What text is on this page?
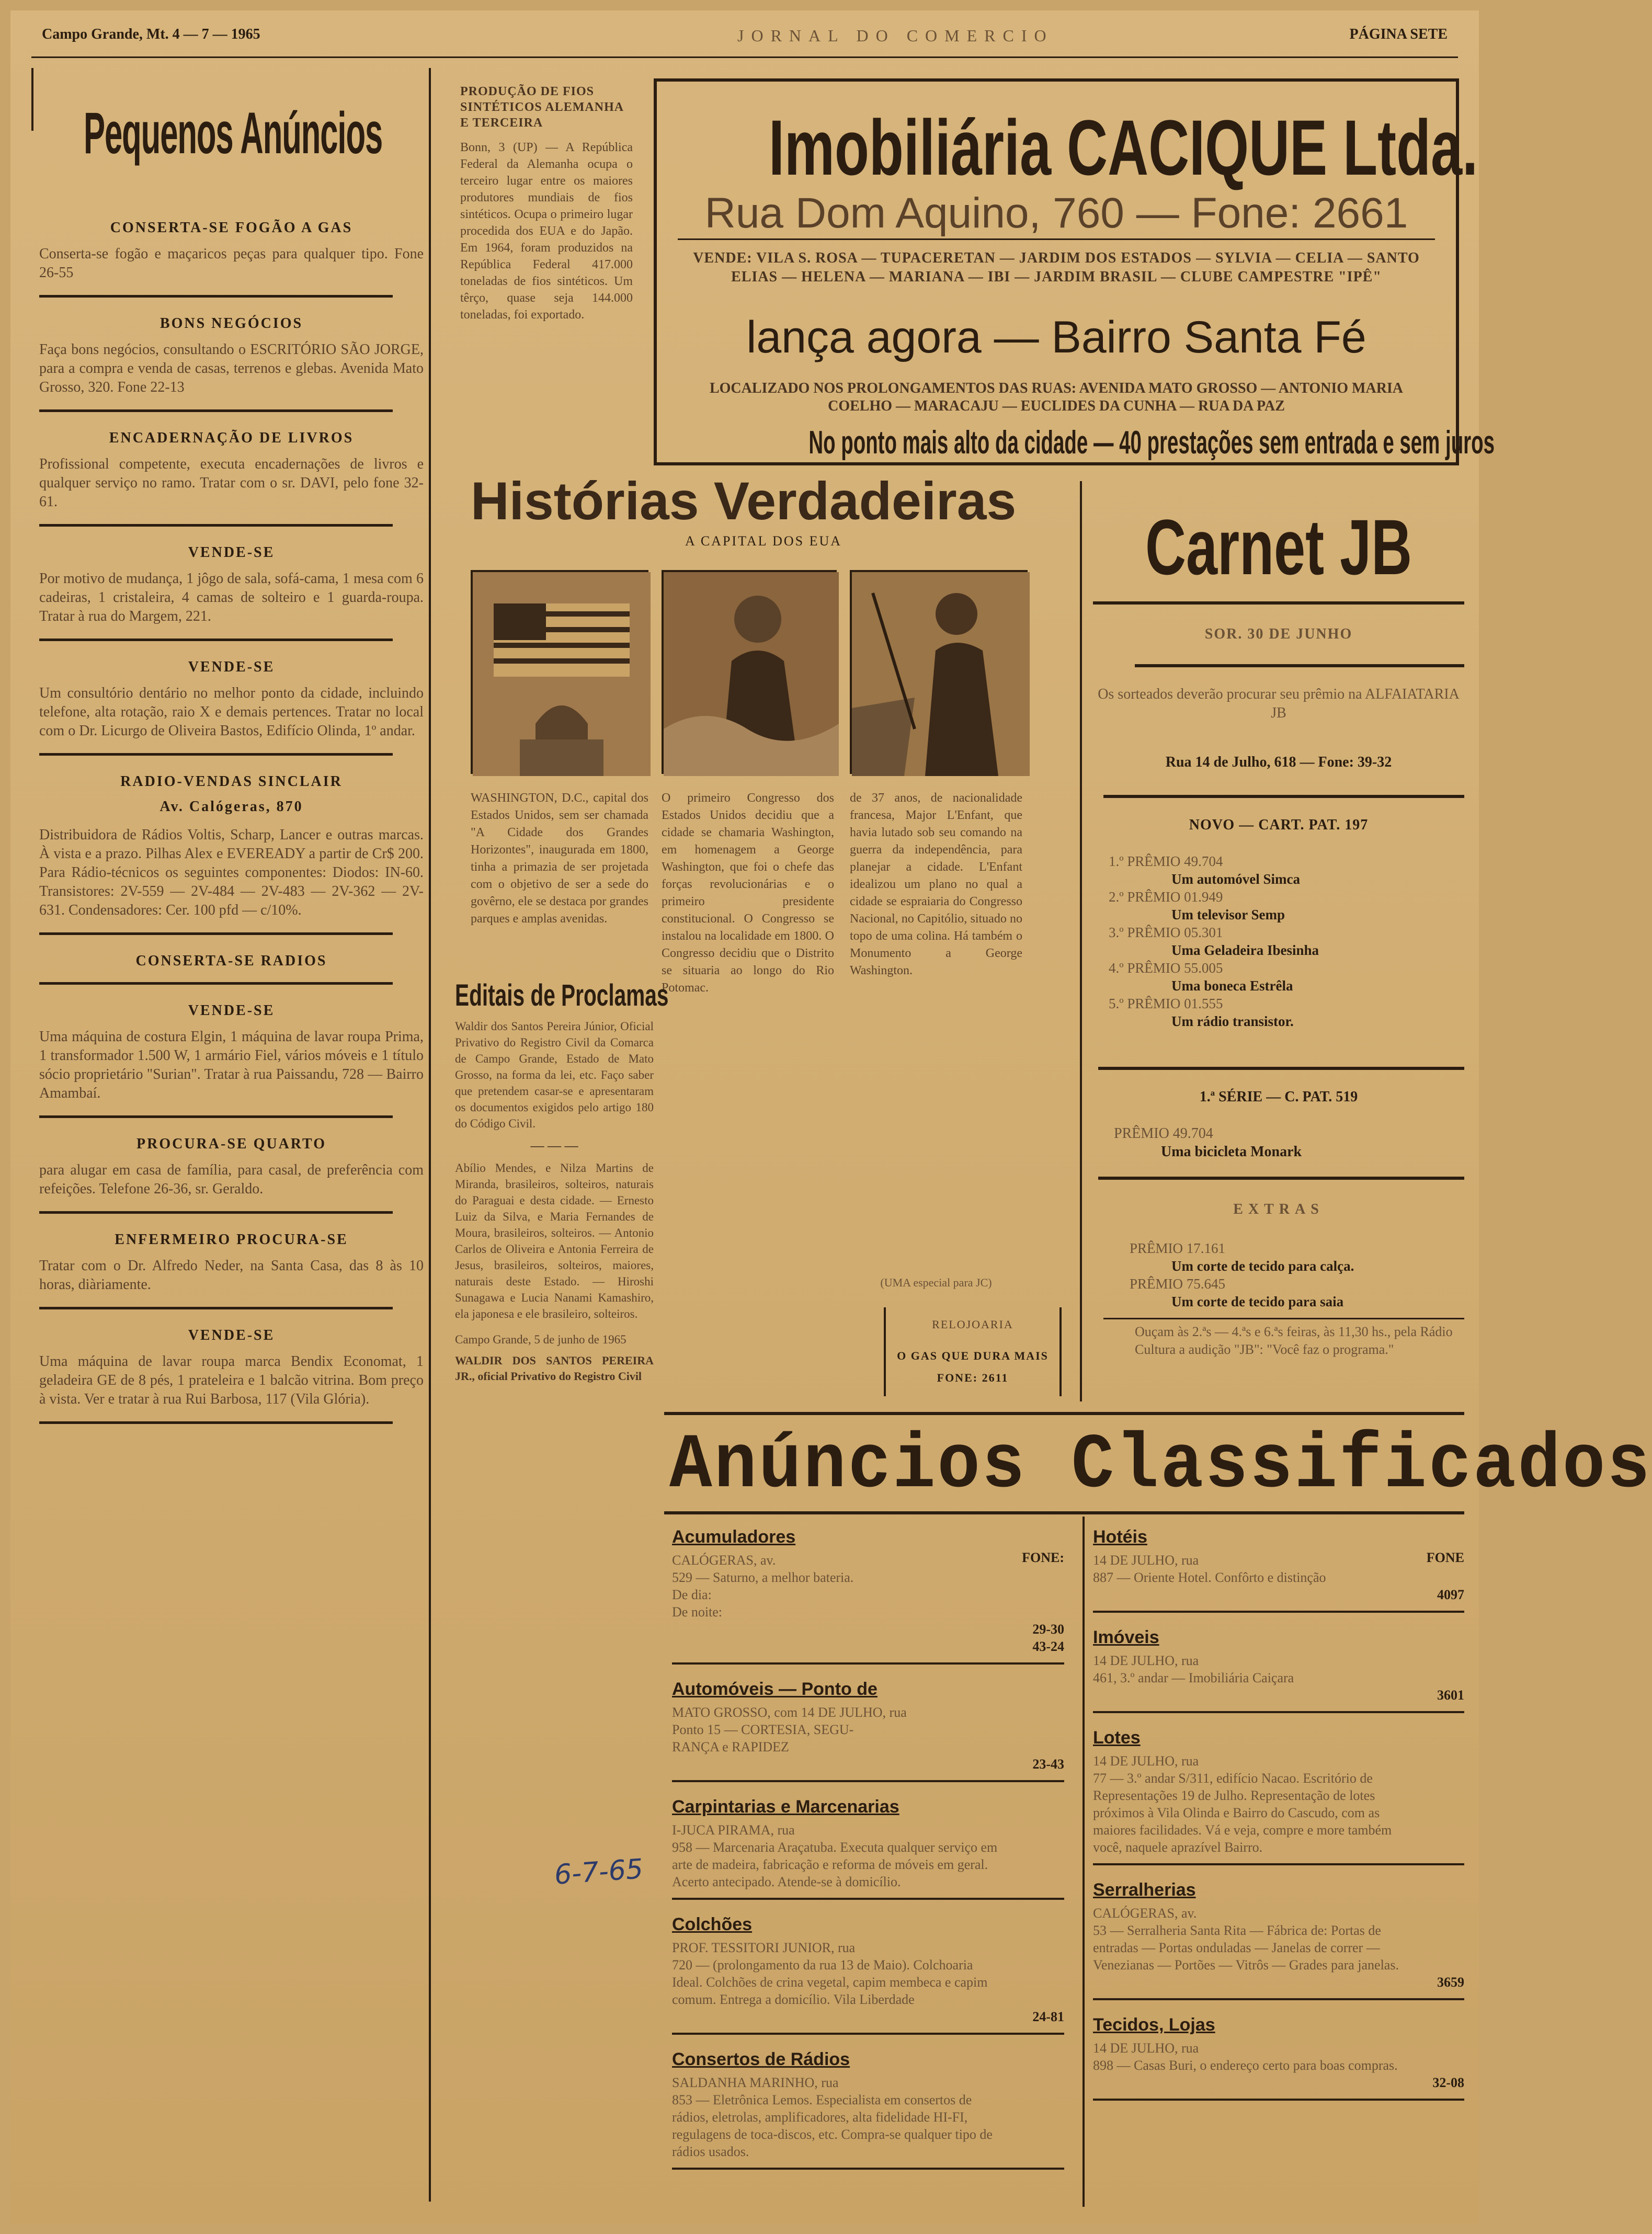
Campo Grande, Mt. 4 — 7 — 1965	JORNAL DO COMERCIO	PÁGINA SETE
Pequenos Anúncios
CONSERTA-SE FOGÃO A GAS
Conserta-se fogão e maçaricos peças para qualquer tipo. Fone 26-55
BONS NEGÓCIOS
Faça bons negócios, consultando o ESCRITÓRIO SÃO JORGE, para a compra e venda de casas, terrenos e glebas. Avenida Mato Grosso, 320. Fone 22-13
ENCADERNAÇÃO DE LIVROS
Profissional competente, executa encadernações de livros e qualquer serviço no ramo. Tratar com o sr. DAVI, pelo fone 32-61.
VENDE-SE
Por motivo de mudança, 1 jôgo de sala, sofá-cama, 1 mesa com 6 cadeiras, 1 cristaleira, 4 camas de solteiro e 1 guarda-roupa. Tratar à rua do Margem, 221.
VENDE-SE
Um consultório dentário no melhor ponto da cidade, incluindo telefone, alta rotação, raio X e demais pertences. Tratar no local com o Dr. Licurgo de Oliveira Bastos, Edifício Olinda, 1º andar.
RADIO-VENDAS SINCLAIR
Av. Calógeras, 870
Distribuidora de Rádios Voltis, Scharp, Lancer e outras marcas. À vista e a prazo. Pilhas Alex e EVEREADY a partir de Cr$ 200. Para Rádio-técnicos os seguintes componentes: Diodos: IN-60. Transistores: 2V-559 — 2V-484 — 2V-483 — 2V-362 — 2V-631. Condensadores: Cer. 100 pfd — c/10%.
CONSERTA-SE RADIOS
VENDE-SE
Uma máquina de costura Elgin, 1 máquina de lavar roupa Prima, 1 transformador 1.500 W, 1 armário Fiel, vários móveis e 1 título sócio proprietário "Surian". Tratar à rua Paissandu, 728 — Bairro Amambaí.
PROCURA-SE QUARTO
para alugar em casa de família, para casal, de preferência com refeições. Telefone 26-36, sr. Geraldo.
ENFERMEIRO PROCURA-SE
Tratar com o Dr. Alfredo Neder, na Santa Casa, das 8 às 10 horas, diàriamente.
VENDE-SE
Uma máquina de lavar roupa marca Bendix Economat, 1 geladeira GE de 8 pés, 1 prateleira e 1 balcão vitrina. Bom preço à vista. Ver e tratar à rua Rui Barbosa, 117 (Vila Glória).
PRODUÇÃO DE FIOS SINTÉTICOS ALEMANHA E TERCEIRA
Bonn, 3 (UP) — A República Federal da Alemanha ocupa o terceiro lugar entre os maiores produtores mundiais de fios sintéticos. Ocupa o primeiro lugar procedida dos EUA e do Japão. Em 1964, foram produzidos na República Federal 417.000 toneladas de fios sintéticos. Um têrço, quase seja 144.000 toneladas, foi exportado.
Imobiliária CACIQUE Ltda.
Rua Dom Aquino, 760 — Fone: 2661
VENDE: VILA S. ROSA — TUPACERETAN — JARDIM DOS ESTADOS — SYLVIA — CELIA — SANTO ELIAS — HELENA — MARIANA — IBI — JARDIM BRASIL — CLUBE CAMPESTRE "IPÊ"
lança agora — Bairro Santa Fé
LOCALIZADO NOS PROLONGAMENTOS DAS RUAS: AVENIDA MATO GROSSO — ANTONIO MARIA COELHO — MARACAJU — EUCLIDES DA CUNHA — RUA DA PAZ
No ponto mais alto da cidade — 40 prestações sem entrada e sem juros
Histórias Verdadeiras
A CAPITAL DOS EUA
WASHINGTON, D.C., capital dos Estados Unidos, sem ser chamada "A Cidade dos Grandes Horizontes", inaugurada em 1800, tinha a primazia de ser projetada com o objetivo de ser a sede do govêrno, ele se destaca por grandes parques e amplas avenidas.
O primeiro Congresso dos Estados Unidos decidiu que a cidade se chamaria Washington, em homenagem a George Washington, que foi o chefe das forças revolucionárias e o primeiro presidente constitucional. O Congresso se instalou na localidade em 1800. O Congresso decidiu que o Distrito se situaria ao longo do Rio Potomac.
de 37 anos, de nacionalidade francesa, Major L'Enfant, que havia lutado sob seu comando na guerra da independência, para planejar a cidade. L'Enfant idealizou um plano no qual a cidade se espraiaria do Congresso Nacional, no Capitólio, situado no topo de uma colina. Há também o Monumento a George Washington.
(UMA especial para JC)
RELOJOARIA
O GAS QUE DURA MAIS
FONE: 2611
Editais de Proclamas
Waldir dos Santos Pereira Júnior, Oficial Privativo do Registro Civil da Comarca de Campo Grande, Estado de Mato Grosso, na forma da lei, etc. Faço saber que pretendem casar-se e apresentaram os documentos exigidos pelo artigo 180 do Código Civil.
— — —
Abílio Mendes, e Nilza Martins de Miranda, brasileiros, solteiros, naturais do Paraguai e desta cidade. — Ernesto Luiz da Silva, e Maria Fernandes de Moura, brasileiros, solteiros. — Antonio Carlos de Oliveira e Antonia Ferreira de Jesus, brasileiros, solteiros, maiores, naturais deste Estado. — Hiroshi Sunagawa e Lucia Nanami Kamashiro, ela japonesa e ele brasileiro, solteiros.
Campo Grande, 5 de junho de 1965
WALDIR DOS SANTOS PEREIRA JR., oficial Privativo do Registro Civil
6-7-65
Carnet JB
SOR. 30 DE JUNHO
Os sorteados deverão procurar seu prêmio na ALFAIATARIA JB
Rua 14 de Julho, 618 — Fone: 39-32
NOVO — CART. PAT. 197
1.º PRÊMIO 49.704
Um automóvel Simca
2.º PRÊMIO 01.949
Um televisor Semp
3.º PRÊMIO 05.301
Uma Geladeira Ibesinha
4.º PRÊMIO 55.005
Uma boneca Estrêla
5.º PRÊMIO 01.555
Um rádio transistor.
1.ª SÉRIE — C. PAT. 519
PRÊMIO 49.704
Uma bicicleta Monark
EXTRAS
PRÊMIO 17.161
Um corte de tecido para calça.
PRÊMIO 75.645
Um corte de tecido para saia
Ouçam às 2.ªs — 4.ªs e 6.ªs feiras, às 11,30 hs., pela Rádio Cultura a audição "JB": "Você faz o programa."
Anúncios Classificados
Acumuladores
FONE:
CALÓGERAS, av.
529 — Saturno, a melhor bateria.
De dia:
De noite:
29-30
43-24
Automóveis — Ponto de
MATO GROSSO, com 14 DE JULHO, rua
Ponto 15 — CORTESIA, SEGU-
RANÇA e RAPIDEZ
23-43
Carpintarias e Marcenarias
I-JUCA PIRAMA, rua
958 — Marcenaria Araçatuba. Executa qualquer serviço em arte de madeira, fabricação e reforma de móveis em geral. Acerto antecipado. Atende-se à domicílio.
Colchões
PROF. TESSITORI JUNIOR, rua
720 — (prolongamento da rua 13 de Maio). Colchoaria Ideal. Colchões de crina vegetal, capim membeca e capim comum. Entrega a domicílio. Vila Liberdade
24-81
Consertos de Rádios
SALDANHA MARINHO, rua
853 — Eletrônica Lemos. Especialista em consertos de rádios, eletrolas, amplificadores, alta fidelidade HI-FI, regulagens de toca-discos, etc. Compra-se qualquer tipo de rádios usados.
Hotéis
FONE
14 DE JULHO, rua
887 — Oriente Hotel. Confôrto e distinção
4097
Imóveis
14 DE JULHO, rua
461, 3.º andar — Imobiliária Caiçara
3601
Lotes
14 DE JULHO, rua
77 — 3.º andar S/311, edifício Nacao. Escritório de Representações 19 de Julho. Representação de lotes próximos à Vila Olinda e Bairro do Cascudo, com as maiores facilidades. Vá e veja, compre e more também você, naquele aprazível Bairro.
Serralherias
CALÓGERAS, av.
53 — Serralheria Santa Rita — Fábrica de: Portas de entradas — Portas onduladas — Janelas de correr — Venezianas — Portões — Vitrôs — Grades para janelas.
3659
Tecidos, Lojas
14 DE JULHO, rua
898 — Casas Buri, o endereço certo para boas compras.
32-08
